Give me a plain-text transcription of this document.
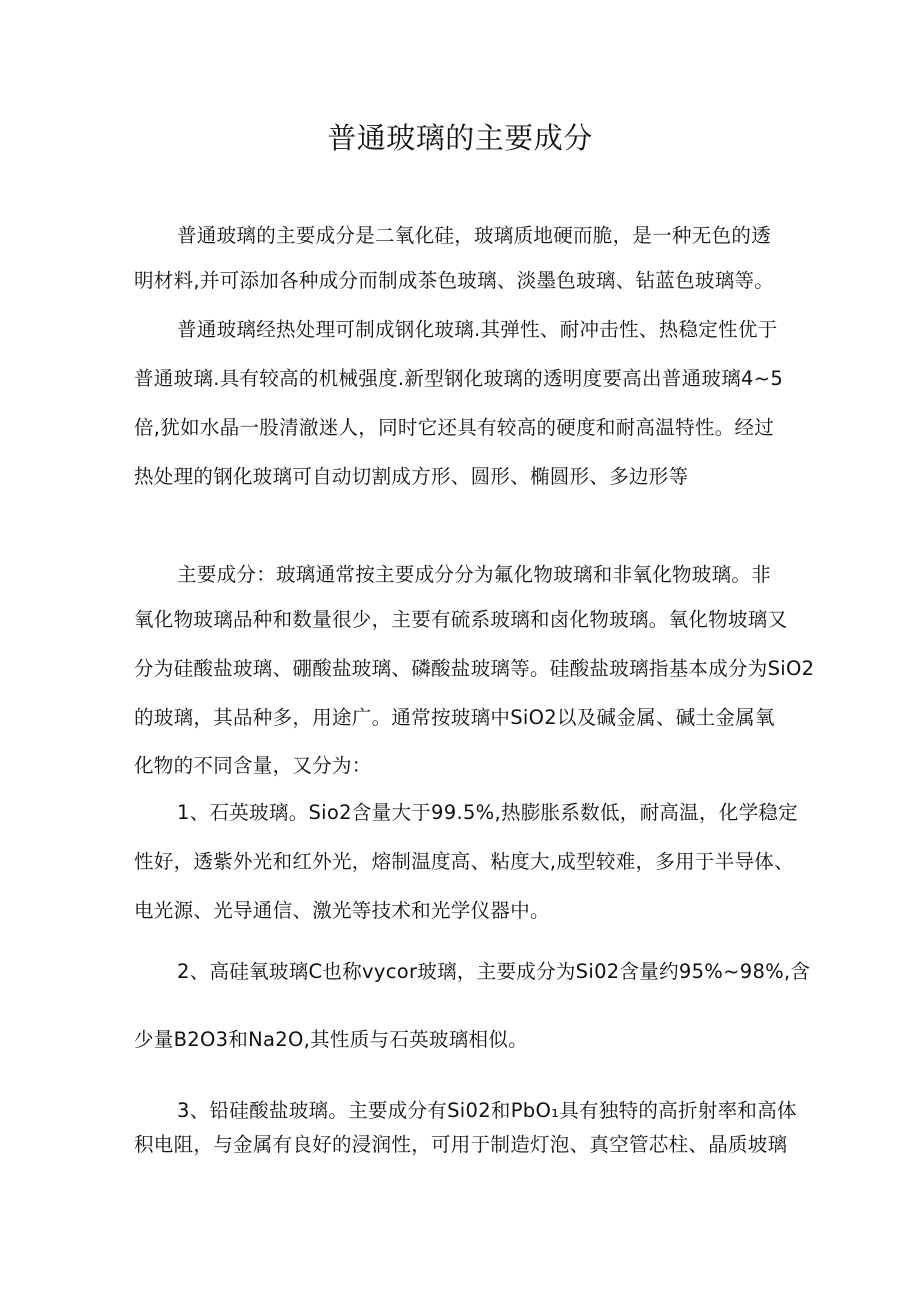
普通玻璃的主要成分

普通玻璃的主要成分是二氧化硅，玻璃质地硬而脆，是一种无色的透

明材料,并可添加各种成分而制成茶色玻璃、淡墨色玻璃、钻蓝色玻璃等。

普通玻璃经热处理可制成钢化玻璃.其弹性、耐冲击性、热稳定性优于

普通玻璃.具有较高的机械强度.新型钢化玻璃的透明度要高出普通玻璃4~5

倍,犹如水晶一股清澈迷人，同时它还具有较高的硬度和耐高温特性。经过

热处理的钢化玻璃可自动切割成方形、圆形、椭圆形、多边形等

主要成分：玻璃通常按主要成分分为氟化物玻璃和非氧化物玻璃。非

氧化物玻璃品种和数量很少，主要有硫系玻璃和卤化物玻璃。氧化物坡璃又

分为硅酸盐玻璃、硼酸盐玻璃、磷酸盐玻璃等。硅酸盐玻璃指基本成分为SiO2

的玻璃，其品种多，用途广。通常按玻璃中SiO2以及碱金属、碱土金属氧

化物的不同含量，又分为：

1、石英玻璃。Sio2含量大于99.5%,热膨胀系数低，耐高温，化学稳定

性好，透紫外光和红外光，熔制温度高、粘度大,成型较难，多用于半导体、

电光源、光导通信、激光等技术和光学仪器中。

2、高硅氧玻璃C也称vycor玻璃，主要成分为Si02含量约95%~98%,含

少量B2O3和Na2O,其性质与石英玻璃相似。

3、铅硅酸盐玻璃。主要成分有Si02和PbO₁具有独特的高折射率和高体

积电阻，与金属有良好的浸润性，可用于制造灯泡、真空管芯柱、晶质坡璃
